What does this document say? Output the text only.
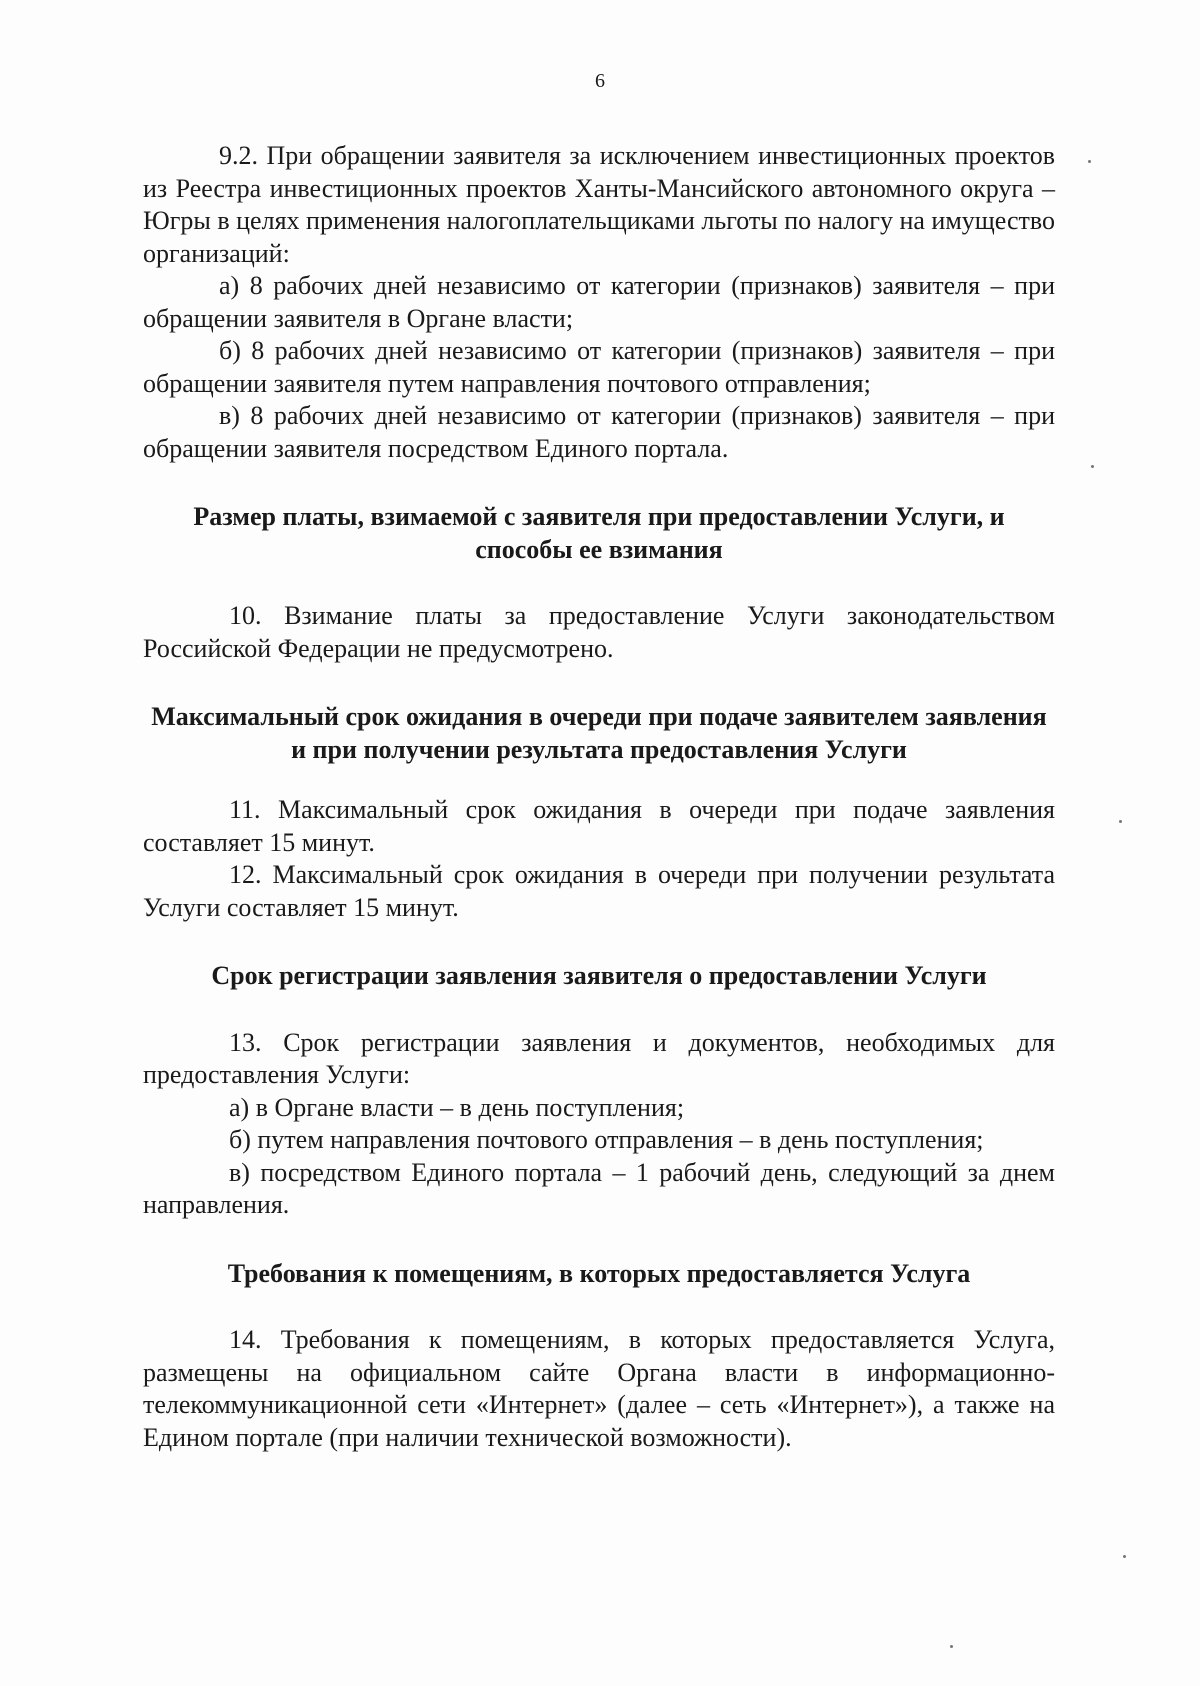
6

9.2. При обращении заявителя за исключением инвестиционных проектов из Реестра инвестиционных проектов Ханты-Мансийского автономного округа – Югры в целях применения налогоплательщиками льготы по налогу на имущество организаций:

а) 8 рабочих дней независимо от категории (признаков) заявителя – при обращении заявителя в Органе власти;

б) 8 рабочих дней независимо от категории (признаков) заявителя – при обращении заявителя путем направления почтового отправления;

в) 8 рабочих дней независимо от категории (признаков) заявителя – при обращении заявителя посредством Единого портала.

Размер платы, взимаемой с заявителя при предоставлении Услуги, и способы ее взимания

10. Взимание платы за предоставление Услуги законодательством Российской Федерации не предусмотрено.

Максимальный срок ожидания в очереди при подаче заявителем заявления и при получении результата предоставления Услуги

11. Максимальный срок ожидания в очереди при подаче заявления составляет 15 минут.

12. Максимальный срок ожидания в очереди при получении результата Услуги составляет 15 минут.

Срок регистрации заявления заявителя о предоставлении Услуги

13. Срок регистрации заявления и документов, необходимых для предоставления Услуги:

а) в Органе власти – в день поступления;

б) путем направления почтового отправления – в день поступления;

в) посредством Единого портала – 1 рабочий день, следующий за днем направления.

Требования к помещениям, в которых предоставляется Услуга

14. Требования к помещениям, в которых предоставляется Услуга, размещены на официальном сайте Органа власти в информационно-телекоммуникационной сети «Интернет» (далее – сеть «Интернет»), а также на Едином портале (при наличии технической возможности).
